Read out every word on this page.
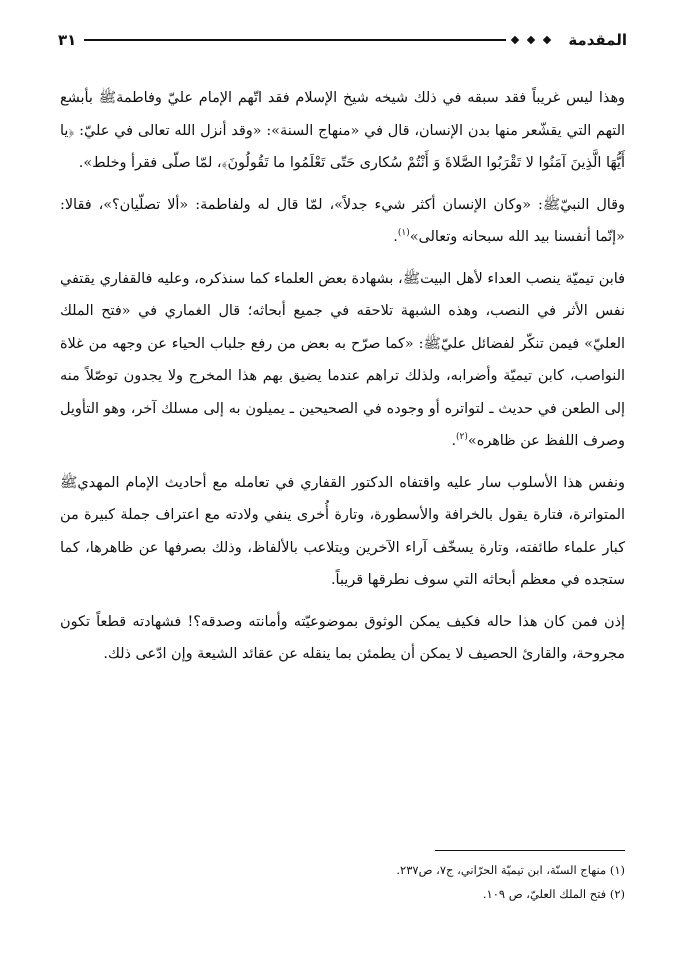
المقدمة
٣١

وهذا ليس غريباً فقد سبقه في ذلك شيخه شيخ الإسلام فقد اتّهم الإمام عليّ وفاطمةﷺ بأبشع التهم التي يقشّعر منها بدن الإنسان، قال في «منهاج السنة»: «وقد أنزل الله تعالى في عليّ: ﴿يا أَيُّهَا الَّذِينَ آمَنُوا لا تَقْرَبُوا الصَّلاةَ وَ أَنْتُمْ سُكارى حَتّى تَعْلَمُوا ما تَقُولُونَ﴾، لمّا صلّى فقرأ وخلط».

وقال النبيّﷺ: «وكان الإنسان أكثر شيء جدلاً»، لمّا قال له ولفاطمة: «ألا تصلّيان؟»، فقالا: «إنّما أنفسنا بيد الله سبحانه وتعالى»$^{(١)}$.

فابن تيميّة ينصب العداء لأهل البيتﷺ، بشهادة بعض العلماء كما سنذكره، وعليه فالقفاري يقتفي نفس الأثر في النصب، وهذه الشبهة تلاحقه في جميع أبحاثه؛ قال الغماري في «فتح الملك العليّ» فيمن تنكّر لفضائل عليّﷺ: «كما صرّح به بعض من رفع جلباب الحياء عن وجهه من غلاة النواصب، كابن تيميّة وأضرابه، ولذلك تراهم عندما يضيق بهم هذا المخرج ولا يجدون توصّلاً منه إلى الطعن في حديث ـ لتواتره أو وجوده في الصحيحين ـ يميلون به إلى مسلك آخر، وهو التأويل وصرف اللفظ عن ظاهره»$^{(٢)}$.

ونفس هذا الأسلوب سار عليه واقتفاه الدكتور القفاري في تعامله مع أحاديث الإمام المهديﷺ المتواترة، فتارة يقول بالخرافة والأسطورة، وتارة أُخرى ينفي ولادته مع اعتراف جملة كبيرة من كبار علماء طائفته، وتارة يسخّف آراء الآخرين ويتلاعب بالألفاظ، وذلك بصرفها عن ظاهرها، كما ستجده في معظم أبحاثه التي سوف نطرقها قريباً.

إذن فمن كان هذا حاله فكيف يمكن الوثوق بموضوعيّته وأمانته وصدقه؟! فشهادته قطعاً تكون مجروحة، والقارئ الحصيف لا يمكن أن يطمئن بما ينقله عن عقائد الشيعة وإن ادّعى ذلك.

(١) منهاج السنّة، ابن تيميّة الحرّاني، ج٧، ص٢٣٧.

(٢) فتح الملك العليّ، ص ١٠٩.
